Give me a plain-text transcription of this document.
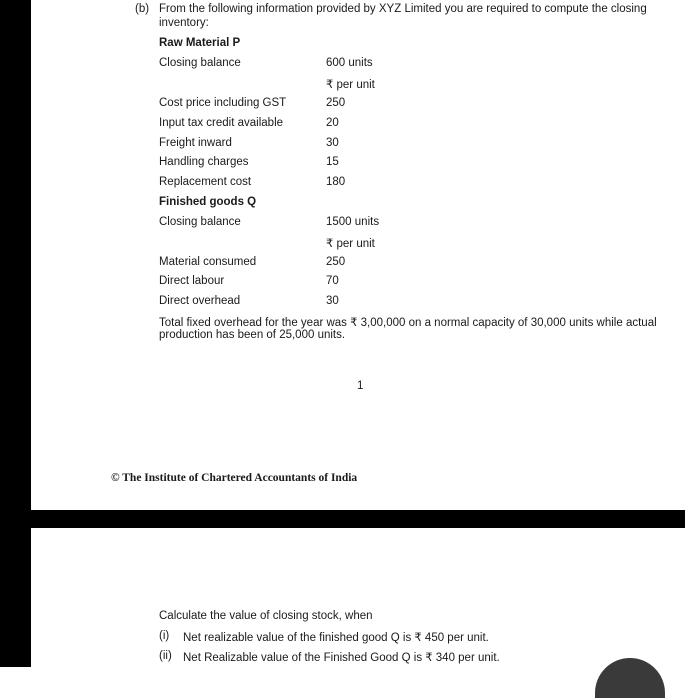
(b) From the following information provided by XYZ Limited you are required to compute the closing
inventory:
Raw Material P
Closing balance	600 units
₹ per unit
Cost price including GST	250
Input tax credit available	20
Freight inward	30
Handling charges	15
Replacement cost	180
Finished goods Q
Closing balance	1500 units
₹ per unit
Material consumed	250
Direct labour	70
Direct overhead	30
Total fixed overhead for the year was ₹ 3,00,000 on a normal capacity of 30,000 units while actual
production has been of 25,000 units.
1
© The Institute of Chartered Accountants of India
Calculate the value of closing stock, when
(i) Net realizable value of the finished good Q is ₹ 450 per unit.
(ii) Net Realizable value of the Finished Good Q is ₹ 340 per unit.
